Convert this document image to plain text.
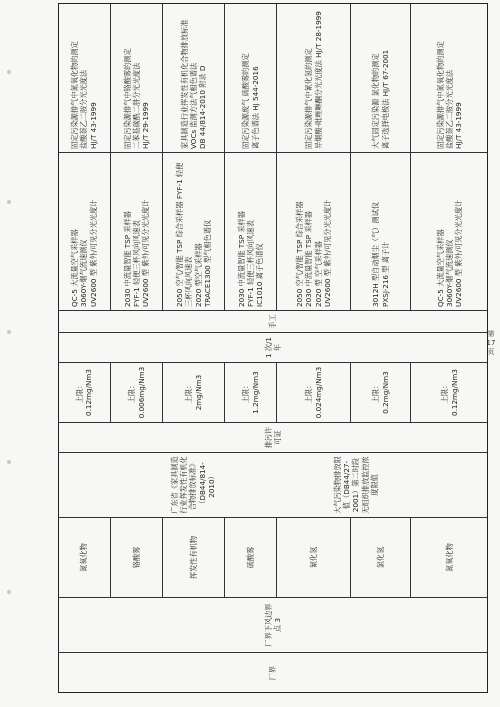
厂界
厂界下风边界点 3
广东省《家具制造行业挥发性有机化合物排放标准》（DB44/814-2010）	大气污染物排放限值（DB44/27-2001）第二时段无组织排放监控浓度限值
排污许可证
1 次/1 年
手工
氮氧化物
上限：0.12mg/Nm3
QC-5 大流量空气采样器
3060Y-烟气流速测仪
UV2600 型 紫外/可见分光光度计
固定污染源排气中氮氧化物的测定
盐酸萘乙二胺分光光度法
HJ/T 43-1999
铬酸雾
上限：0.006mg/Nm3
2030 中流量智能 TSP 采样器
FYF-1 轻便三杯风向风速表
UV2600 型 紫外/可见分光光度计
固定污染源排气中铬酸雾的测定
二苯基碳酰二肼分光光度法
HJ/T 29-1999
挥发性有机物
上限：2mg/Nm3
2050 空气/智能 TSP 综合采样器 FYF-1 轻便三杯风向风速表
2020 型空气采样器
TRACE1300 型气相色谱仪
家具制造行业挥发性有机化合物排放标准
VOCs 监测方法气相色谱法
DB 44/814-2010 附录 D
硫酸雾
上限：1.2mg/Nm3
2030 中流量智能 TSP 采样器
FYF-1 轻便三杯风向风速表
IC1010 离子色谱仪
固定污染源废气 硫酸雾的测定
离子色谱法 HJ 544-2016
氰化氢
上限：0.024mg/Nm3
2050 空气/智能 TSP 综合采样器
2030 中流量智能 TSP 采样器
2020 型 空气采样器
UV2600 型 紫外/可见分光光度计
固定污染源排气中氰化氢的测定
异烟酸-吡唑啉酮分光光度法 HJ/T 28-1999
氯化氢
上限：0.2mg/Nm3
3012H 型自动烟尘（气）测试仪
PXSJ-216 型 离子计
大气固定污染源 氯化物的测定
离子选择电极法 HJ/T 67-2001
氮氧化物
上限：0.12mg/Nm3
QC-5 大流量空气采样器
3060Y-烟气流速测仪
UV2600 型 紫外/可见分光光度计
固定污染源排气中氮氧化物的测定
盐酸萘乙二胺分光光度法
HJ/T 43-1999
第 17 页
